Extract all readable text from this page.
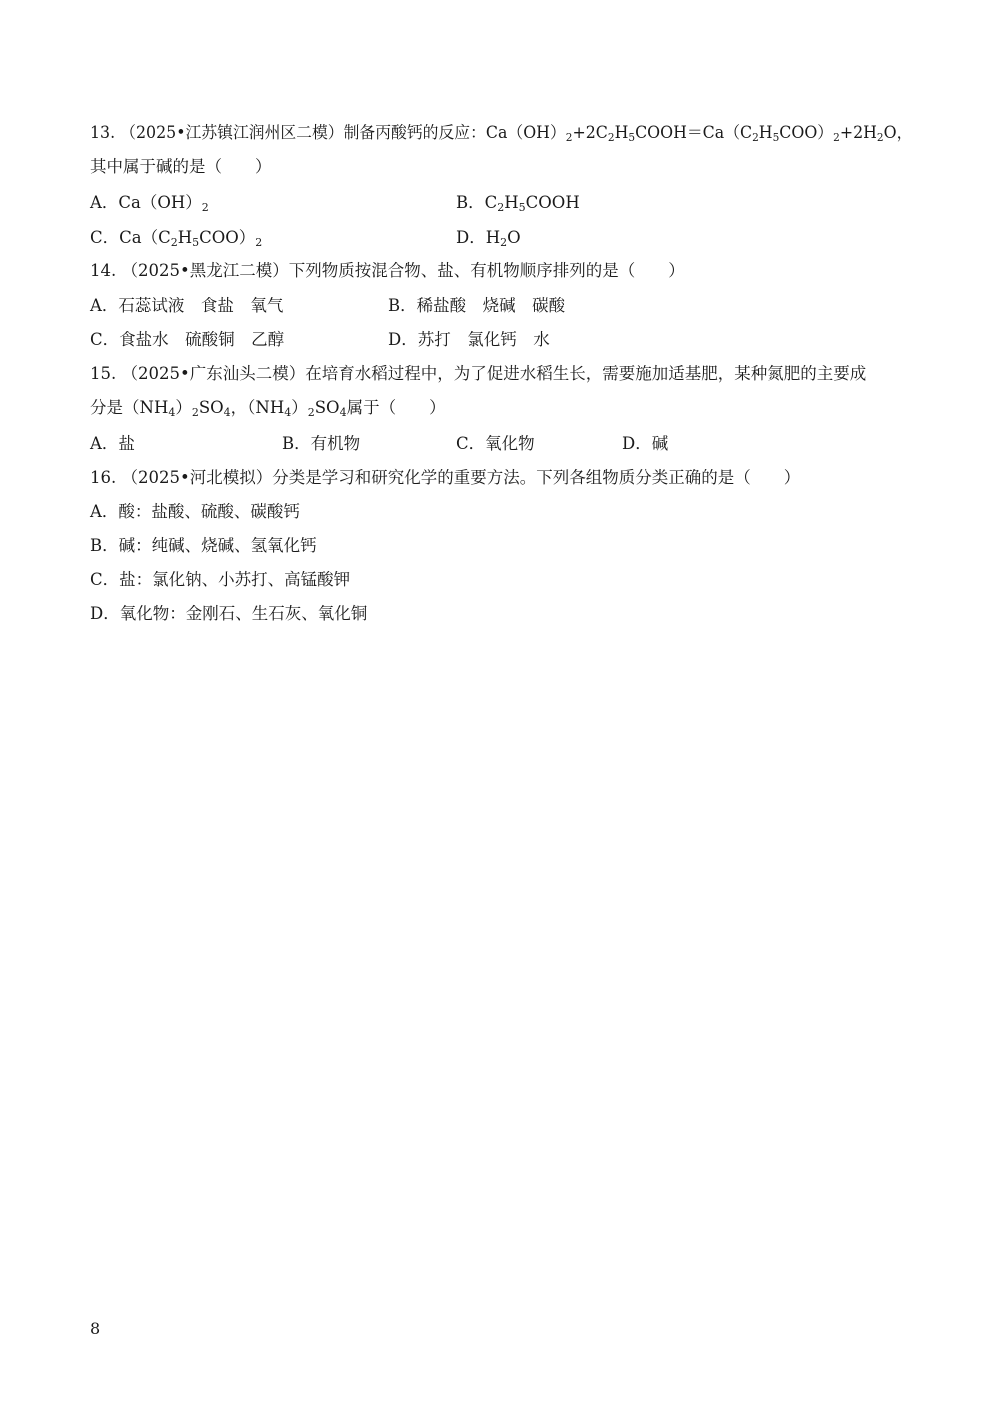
13. （2025•江苏镇江润州区二模）制备丙酸钙的反应：$Ca(OH)_2+2C_2H_5COOH=Ca(C_2H_5COO)_2+2H_2O$，
其中属于碱的是（　　）
A．$Ca(OH)_2$	B．$C_2H_5COOH$
C．$Ca(C_2H_5COO)_2$	D．$H_2O$
14. （2025•黑龙江二模）下列物质按混合物、盐、有机物顺序排列的是（　　）
A．石蕊试液　食盐　氧气	B．稀盐酸　烧碱　碳酸
C．食盐水　硫酸铜　乙醇	D．苏打　氯化钙　水
15. （2025•广东汕头二模）在培育水稻过程中，为了促进水稻生长，需要施加适基肥，某种氮肥的主要成
分是$(NH_4)_2SO_4$，$(NH_4)_2SO_4$属于（　　）
A．盐	B．有机物	C．氧化物	D．碱
16. （2025•河北模拟）分类是学习和研究化学的重要方法。下列各组物质分类正确的是（　　）
A．酸：盐酸、硫酸、碳酸钙
B．碱：纯碱、烧碱、氢氧化钙
C．盐：氯化钠、小苏打、高锰酸钾
D．氧化物：金刚石、生石灰、氧化铜
8
